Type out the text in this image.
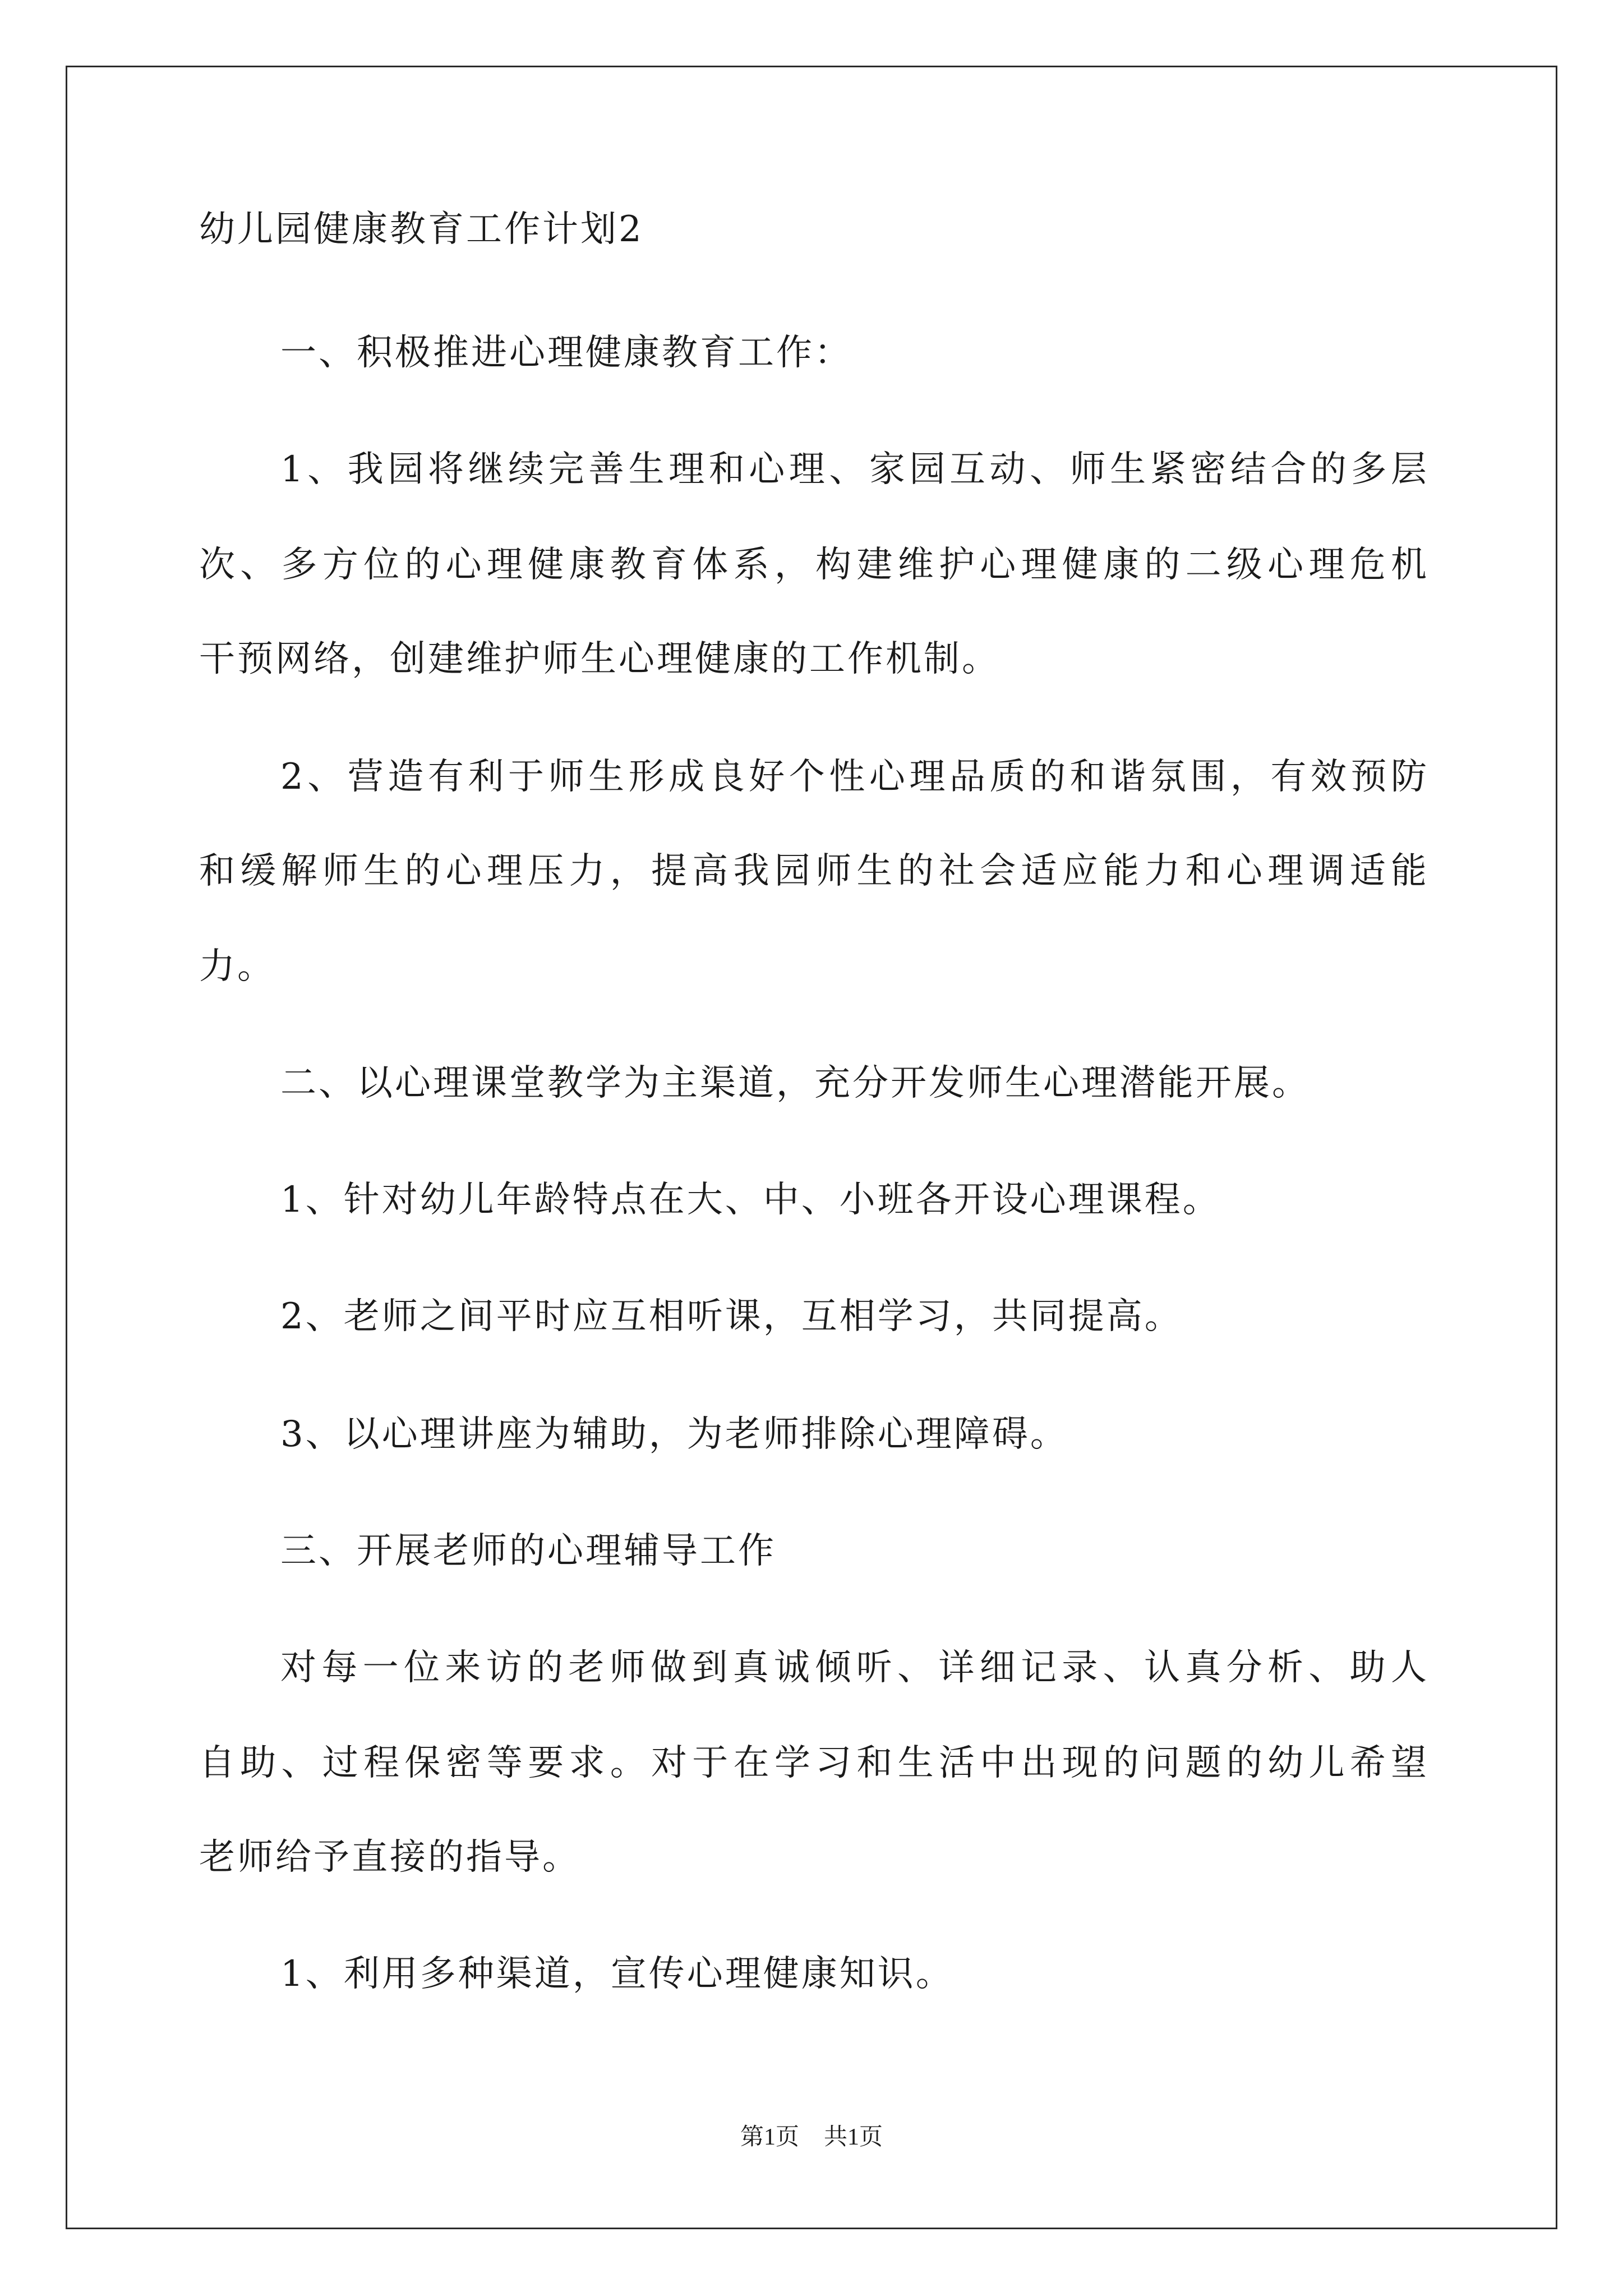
幼儿园健康教育工作计划2
一、积极推进心理健康教育工作：
1、我园将继续完善生理和心理、家园互动、师生紧密结合的多层
次、多方位的心理健康教育体系，构建维护心理健康的二级心理危机
干预网络，创建维护师生心理健康的工作机制。
2、营造有利于师生形成良好个性心理品质的和谐氛围，有效预防
和缓解师生的心理压力，提高我园师生的社会适应能力和心理调适能
力。
二、以心理课堂教学为主渠道，充分开发师生心理潜能开展。
1、针对幼儿年龄特点在大、中、小班各开设心理课程。
2、老师之间平时应互相听课，互相学习，共同提高。
3、以心理讲座为辅助，为老师排除心理障碍。
三、开展老师的心理辅导工作
对每一位来访的老师做到真诚倾听、详细记录、认真分析、助人
自助、过程保密等要求。对于在学习和生活中出现的问题的幼儿希望
老师给予直接的指导。
1、利用多种渠道，宣传心理健康知识。
第1页 共1页
